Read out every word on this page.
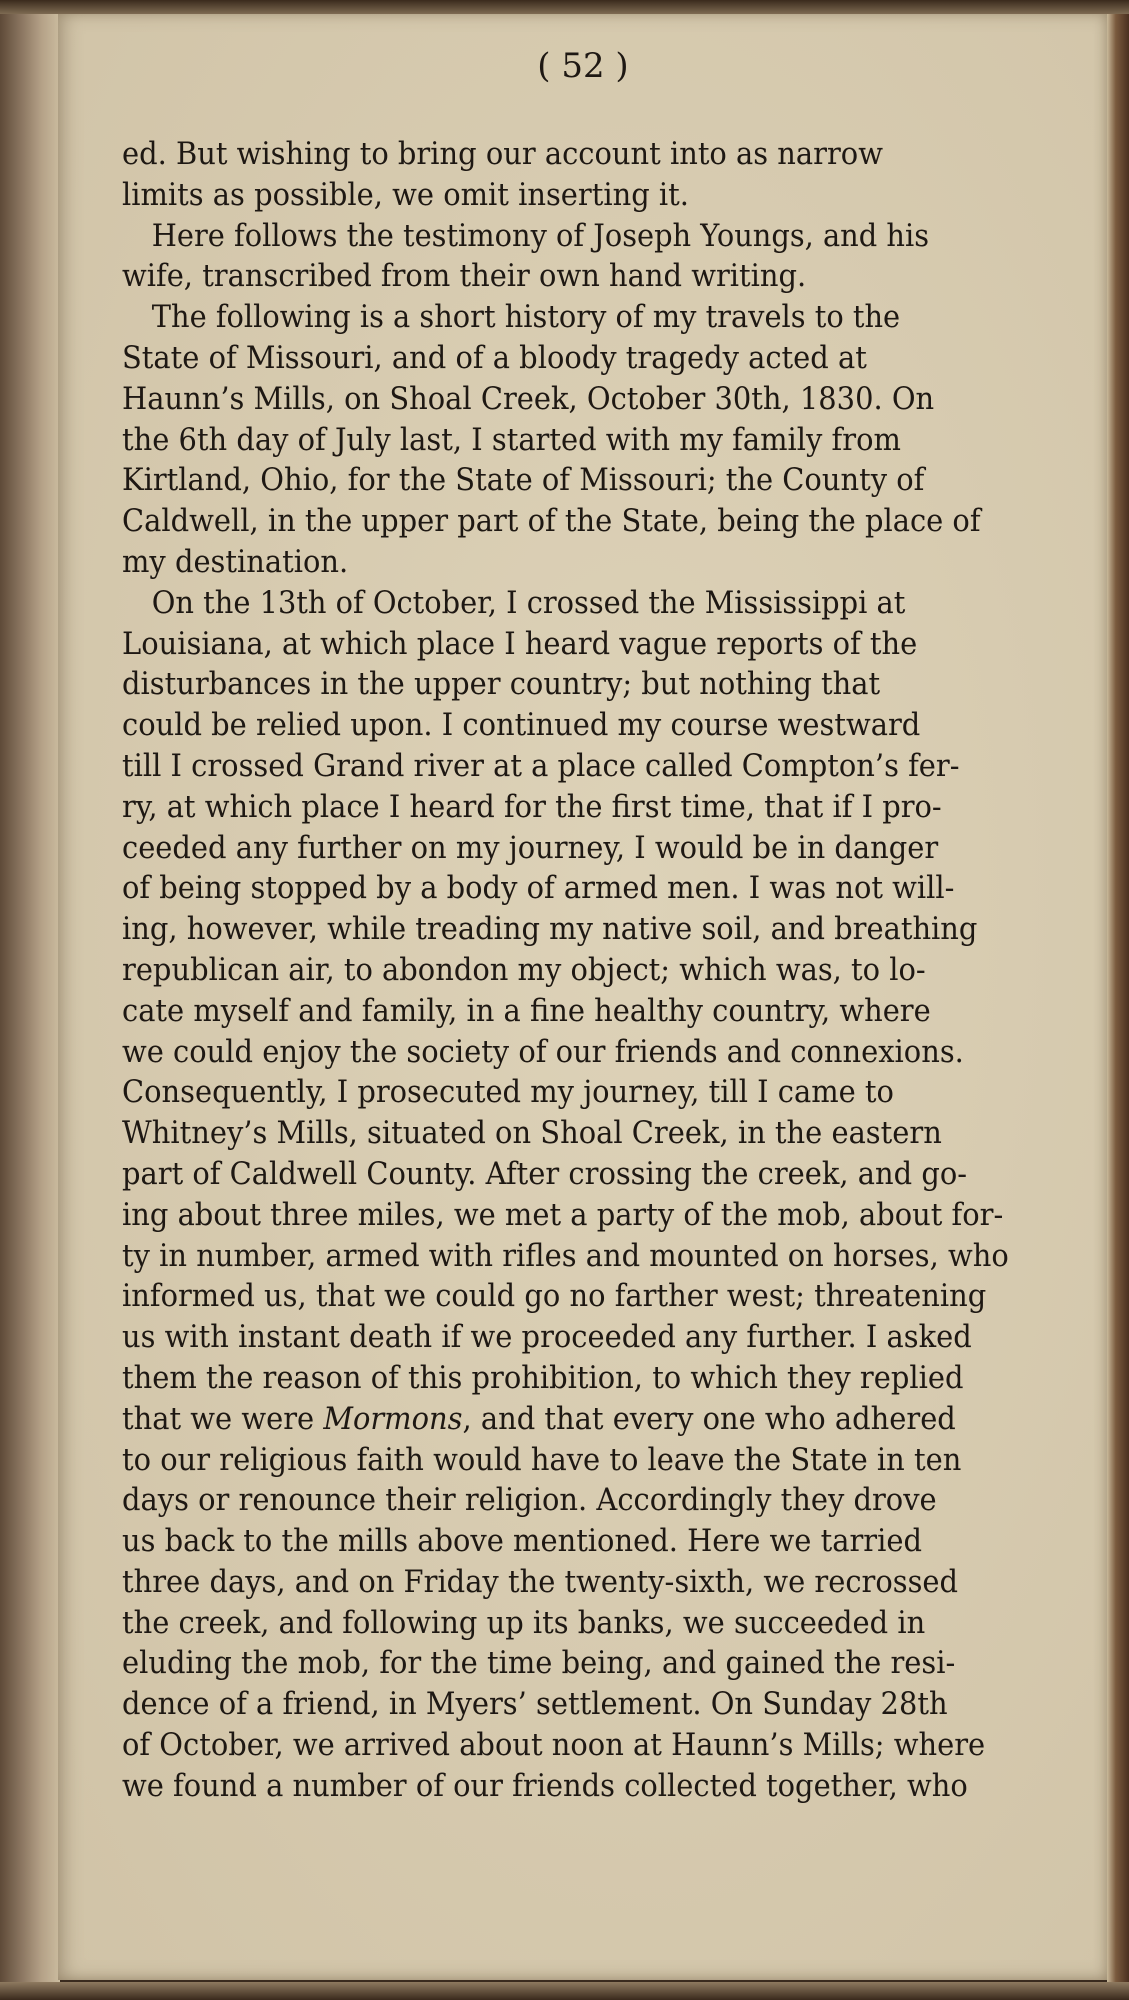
( 52 )
ed. But wishing to bring our account into as narrow
limits as possible, we omit inserting it.
Here follows the testimony of Joseph Youngs, and his
wife, transcribed from their own hand writing.
The following is a short history of my travels to the
State of Missouri, and of a bloody tragedy acted at
Haunn’s Mills, on Shoal Creek, October 30th, 1830. On
the 6th day of July last, I started with my family from
Kirtland, Ohio, for the State of Missouri; the County of
Caldwell, in the upper part of the State, being the place of
my destination.
On the 13th of October, I crossed the Mississippi at
Louisiana, at which place I heard vague reports of the
disturbances in the upper country; but nothing that
could be relied upon. I continued my course westward
till I crossed Grand river at a place called Compton’s fer-
ry, at which place I heard for the first time, that if I pro-
ceeded any further on my journey, I would be in danger
of being stopped by a body of armed men. I was not will-
ing, however, while treading my native soil, and breathing
republican air, to abondon my object; which was, to lo-
cate myself and family, in a fine healthy country, where
we could enjoy the society of our friends and connexions.
Consequently, I prosecuted my journey, till I came to
Whitney’s Mills, situated on Shoal Creek, in the eastern
part of Caldwell County. After crossing the creek, and go-
ing about three miles, we met a party of the mob, about for-
ty in number, armed with rifles and mounted on horses, who
informed us, that we could go no farther west; threatening
us with instant death if we proceeded any further. I asked
them the reason of this prohibition, to which they replied
that we were Mormons, and that every one who adhered
to our religious faith would have to leave the State in ten
days or renounce their religion. Accordingly they drove
us back to the mills above mentioned. Here we tarried
three days, and on Friday the twenty-sixth, we recrossed
the creek, and following up its banks, we succeeded in
eluding the mob, for the time being, and gained the resi-
dence of a friend, in Myers’ settlement. On Sunday 28th
of October, we arrived about noon at Haunn’s Mills; where
we found a number of our friends collected together, who
